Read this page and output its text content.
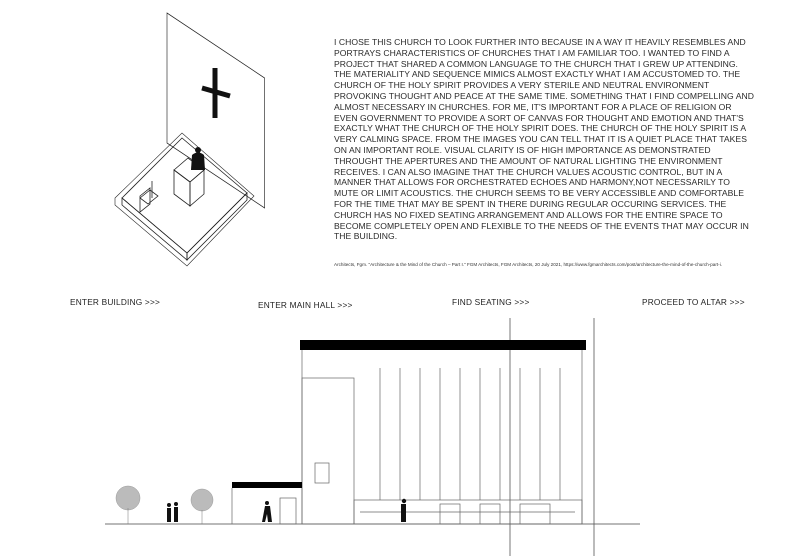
I CHOSE THIS CHURCH TO LOOK FURTHER INTO BECAUSE IN A WAY IT HEAVILY RESEMBLES AND PORTRAYS CHARACTERISTICS OF CHURCHES THAT I AM FAMILIAR TOO. I WANTED TO FIND A PROJECT THAT SHARED A COMMON LANGUAGE TO THE CHURCH THAT I GREW UP ATTENDING. THE MATERIALITY AND SEQUENCE MIMICS ALMOST EXACTLY WHAT I AM ACCUSTOMED TO. THE CHURCH OF THE HOLY SPIRIT PROVIDES A VERY STERILE AND NEUTRAL ENVIRONMENT PROVOKING THOUGHT AND PEACE AT THE SAME TIME. SOMETHING THAT I FIND COMPELLING AND ALMOST NECESSARY IN CHURCHES. FOR ME, IT'S IMPORTANT FOR A PLACE OF RELIGION OR EVEN GOVERNMENT TO PROVIDE A SORT OF CANVAS FOR THOUGHT AND EMOTION AND THAT'S EXACTLY WHAT THE CHURCH OF THE HOLY SPIRIT DOES. THE CHURCH OF THE HOLY SPIRIT IS A VERY CALMING SPACE. FROM THE IMAGES YOU CAN TELL THAT IT IS A QUIET PLACE THAT TAKES ON AN IMPORTANT ROLE. VISUAL CLARITY IS OF HIGH IMPORTANCE AS DEMONSTRATED THROUGHT THE APERTURES AND THE AMOUNT OF NATURAL LIGHTING THE ENVIRONMENT RECEIVES. I CAN ALSO IMAGINE THAT THE CHURCH VALUES ACOUSTIC CONTROL, BUT IN A MANNER THAT ALLOWS FOR ORCHESTRATED ECHOES AND HARMONY,NOT NECESSARILY TO MUTE OR LIMIT ACOUSTICS. THE CHURCH SEEMS TO BE VERY ACCESSIBLE AND COMFORTABLE FOR THE TIME THAT MAY BE SPENT IN THERE DURING REGULAR OCCURING SERVICES. THE CHURCH HAS NO FIXED SEATING ARRANGEMENT AND ALLOWS FOR THE ENTIRE SPACE TO BECOME COMPLETELY OPEN AND FLEXIBLE TO THE NEEDS OF THE EVENTS THAT MAY OCCUR IN THE BUILDING.

Architects, Fgm. "Architecture & the Mind of the Church – Part I." FGM Architects, FGM Architects, 20 July 2021, https://www.fgmarchitects.com/post/architecture-the-mind-of-the-church-part-i.

ENTER BUILDING >>>	ENTER MAIN HALL >>>	FIND SEATING >>>	PROCEED TO ALTAR >>>
